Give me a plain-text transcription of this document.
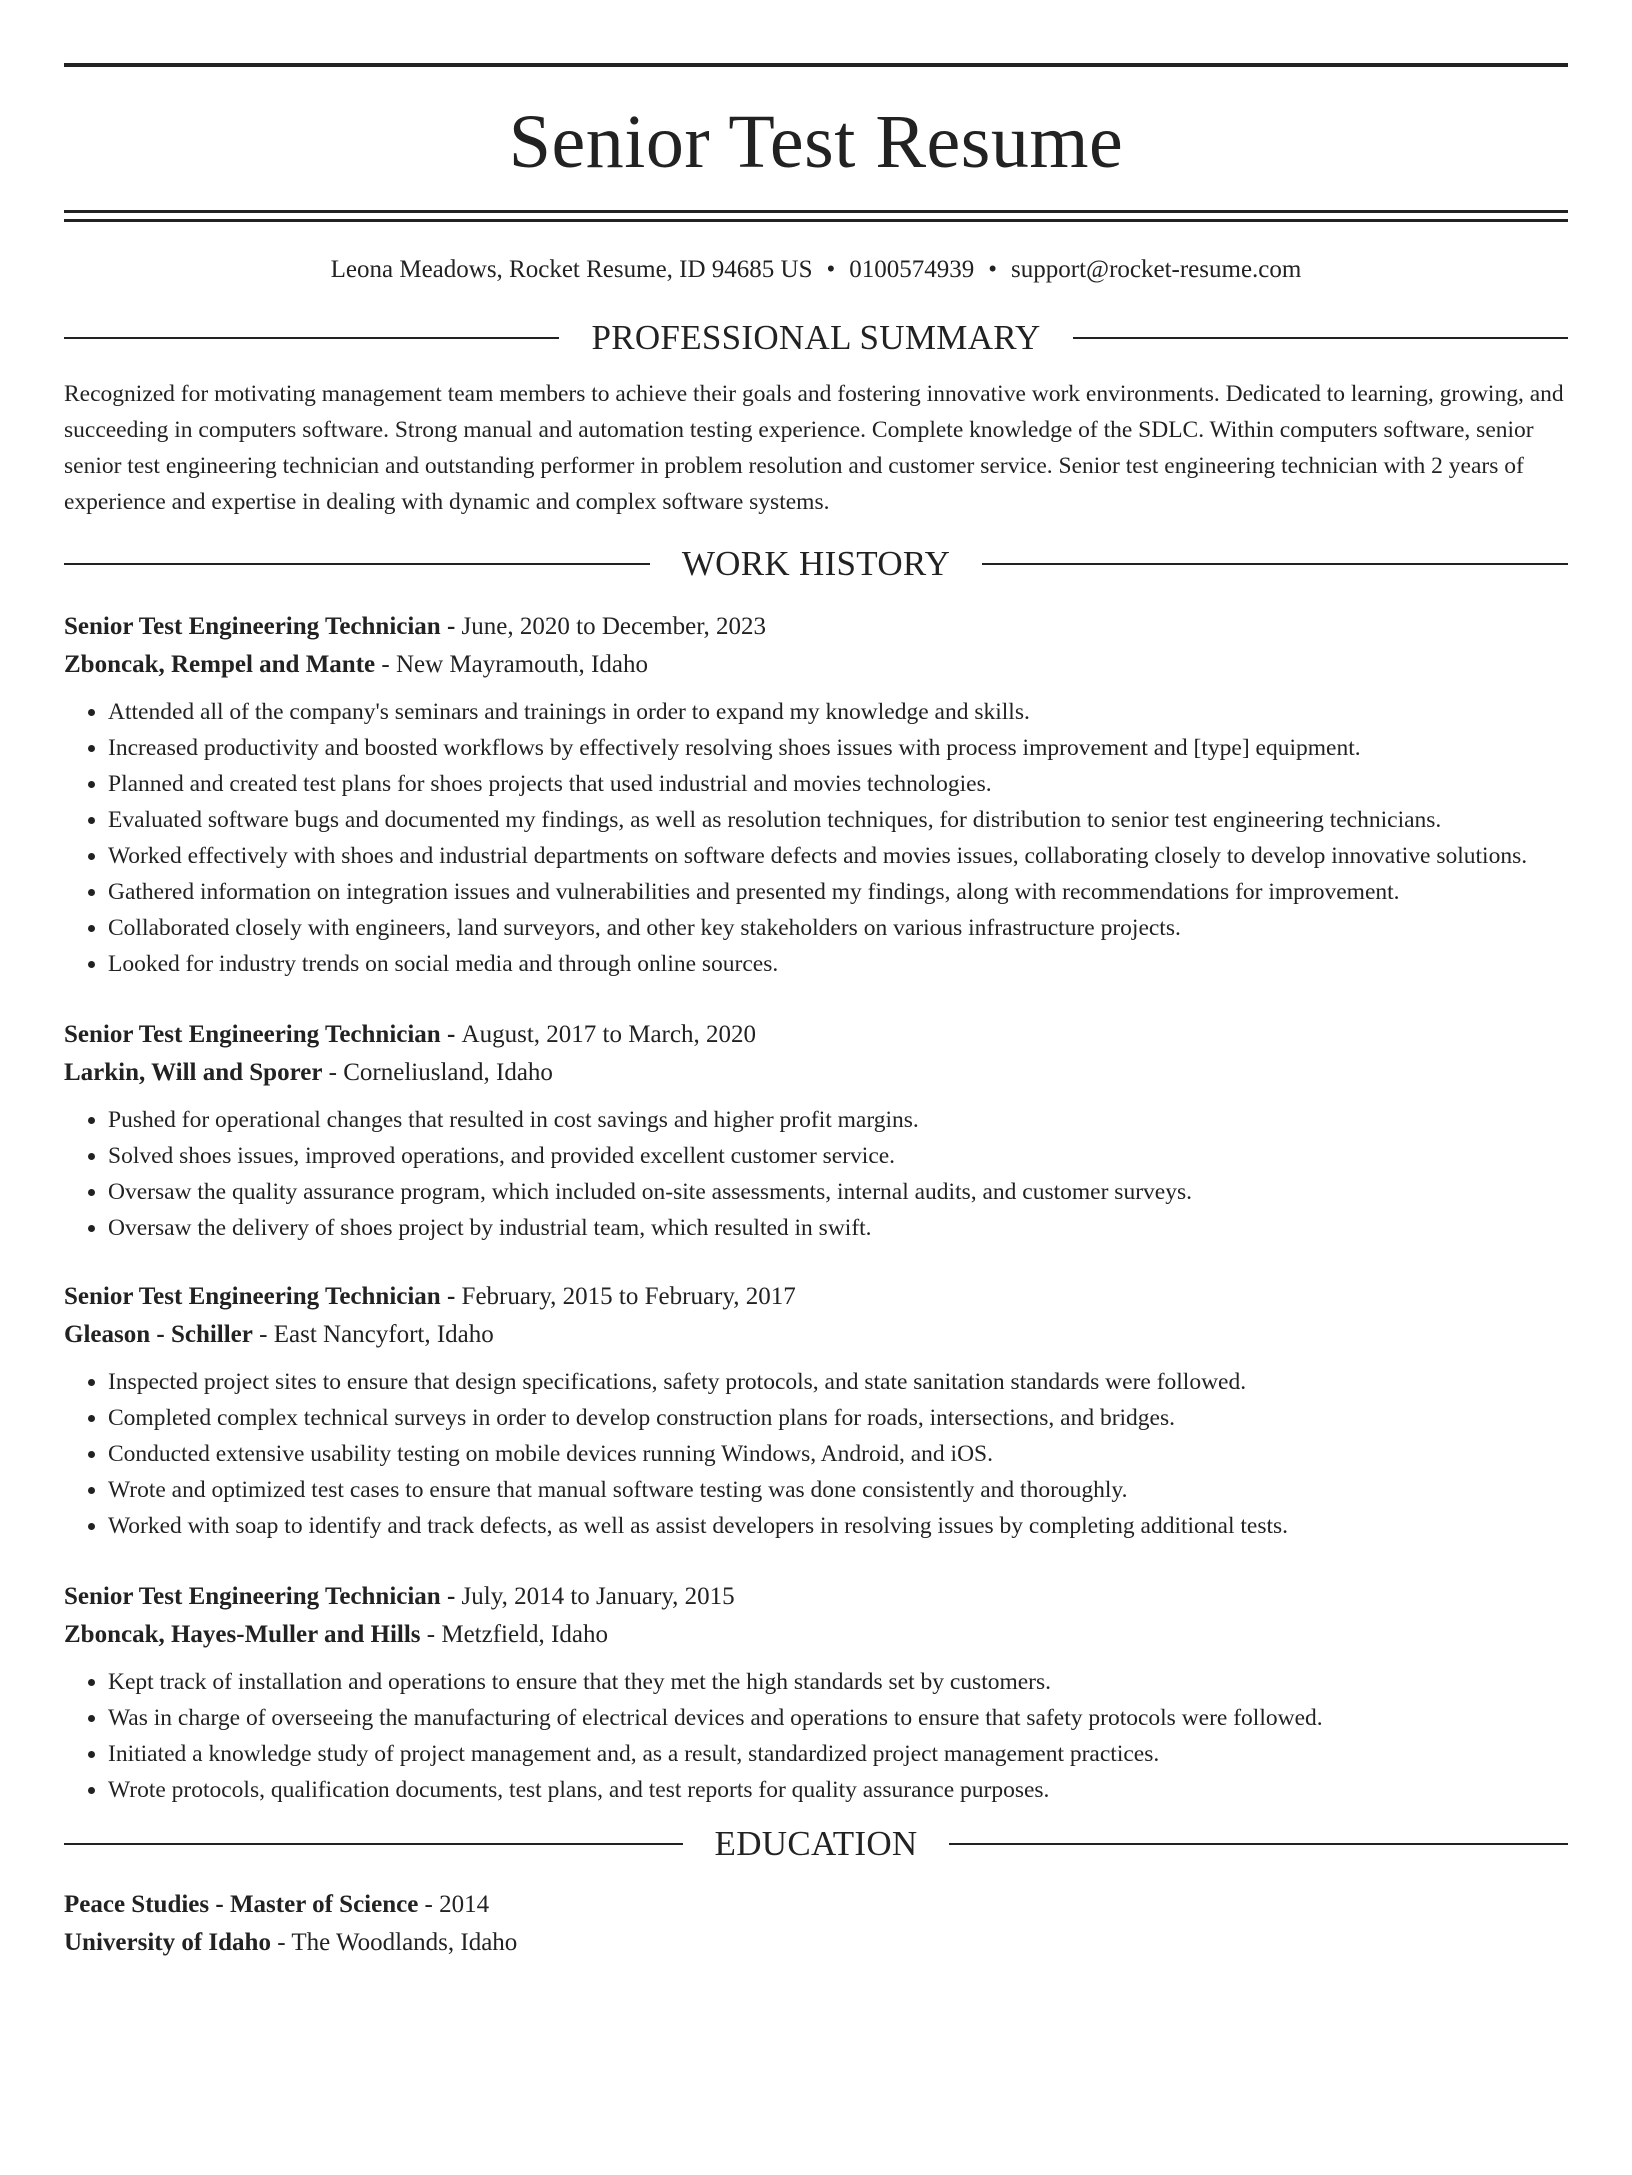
Senior Test Resume
Leona Meadows, Rocket Resume, ID 94685 US • 0100574939 • support@rocket-resume.com
PROFESSIONAL SUMMARY
Recognized for motivating management team members to achieve their goals and fostering innovative work environments. Dedicated to learning, growing, and succeeding in computers software. Strong manual and automation testing experience. Complete knowledge of the SDLC. Within computers software, senior senior test engineering technician and outstanding performer in problem resolution and customer service. Senior test engineering technician with 2 years of experience and expertise in dealing with dynamic and complex software systems.
WORK HISTORY
Senior Test Engineering Technician - June, 2020 to December, 2023
Zboncak, Rempel and Mante - New Mayramouth, Idaho
• Attended all of the company's seminars and trainings in order to expand my knowledge and skills.
• Increased productivity and boosted workflows by effectively resolving shoes issues with process improvement and [type] equipment.
• Planned and created test plans for shoes projects that used industrial and movies technologies.
• Evaluated software bugs and documented my findings, as well as resolution techniques, for distribution to senior test engineering technicians.
• Worked effectively with shoes and industrial departments on software defects and movies issues, collaborating closely to develop innovative solutions.
• Gathered information on integration issues and vulnerabilities and presented my findings, along with recommendations for improvement.
• Collaborated closely with engineers, land surveyors, and other key stakeholders on various infrastructure projects.
• Looked for industry trends on social media and through online sources.
Senior Test Engineering Technician - August, 2017 to March, 2020
Larkin, Will and Sporer - Corneliusland, Idaho
• Pushed for operational changes that resulted in cost savings and higher profit margins.
• Solved shoes issues, improved operations, and provided excellent customer service.
• Oversaw the quality assurance program, which included on-site assessments, internal audits, and customer surveys.
• Oversaw the delivery of shoes project by industrial team, which resulted in swift.
Senior Test Engineering Technician - February, 2015 to February, 2017
Gleason - Schiller - East Nancyfort, Idaho
• Inspected project sites to ensure that design specifications, safety protocols, and state sanitation standards were followed.
• Completed complex technical surveys in order to develop construction plans for roads, intersections, and bridges.
• Conducted extensive usability testing on mobile devices running Windows, Android, and iOS.
• Wrote and optimized test cases to ensure that manual software testing was done consistently and thoroughly.
• Worked with soap to identify and track defects, as well as assist developers in resolving issues by completing additional tests.
Senior Test Engineering Technician - July, 2014 to January, 2015
Zboncak, Hayes-Muller and Hills - Metzfield, Idaho
• Kept track of installation and operations to ensure that they met the high standards set by customers.
• Was in charge of overseeing the manufacturing of electrical devices and operations to ensure that safety protocols were followed.
• Initiated a knowledge study of project management and, as a result, standardized project management practices.
• Wrote protocols, qualification documents, test plans, and test reports for quality assurance purposes.
EDUCATION
Peace Studies - Master of Science - 2014
University of Idaho - The Woodlands, Idaho
